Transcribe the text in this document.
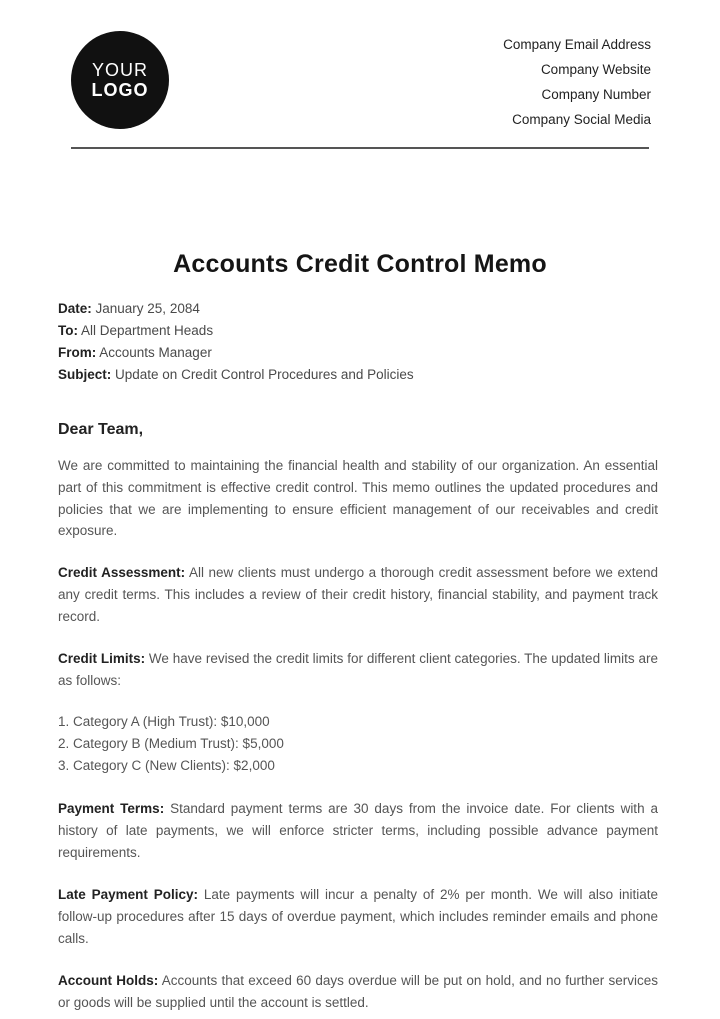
YOUR
LOGO
Company Email Address
Company Website
Company Number
Company Social Media
Accounts Credit Control Memo
Date: January 25, 2084
To: All Department Heads
From: Accounts Manager
Subject: Update on Credit Control Procedures and Policies
Dear Team,
We are committed to maintaining the financial health and stability of our organization. An essential part of this commitment is effective credit control. This memo outlines the updated procedures and policies that we are implementing to ensure efficient management of our receivables and credit exposure.
Credit Assessment: All new clients must undergo a thorough credit assessment before we extend any credit terms. This includes a review of their credit history, financial stability, and payment track record.
Credit Limits: We have revised the credit limits for different client categories. The updated limits are as follows:
1. Category A (High Trust): $10,000
2. Category B (Medium Trust): $5,000
3. Category C (New Clients): $2,000
Payment Terms: Standard payment terms are 30 days from the invoice date. For clients with a history of late payments, we will enforce stricter terms, including possible advance payment requirements.
Late Payment Policy: Late payments will incur a penalty of 2% per month. We will also initiate follow-up procedures after 15 days of overdue payment, which includes reminder emails and phone calls.
Account Holds: Accounts that exceed 60 days overdue will be put on hold, and no further services or goods will be supplied until the account is settled.
